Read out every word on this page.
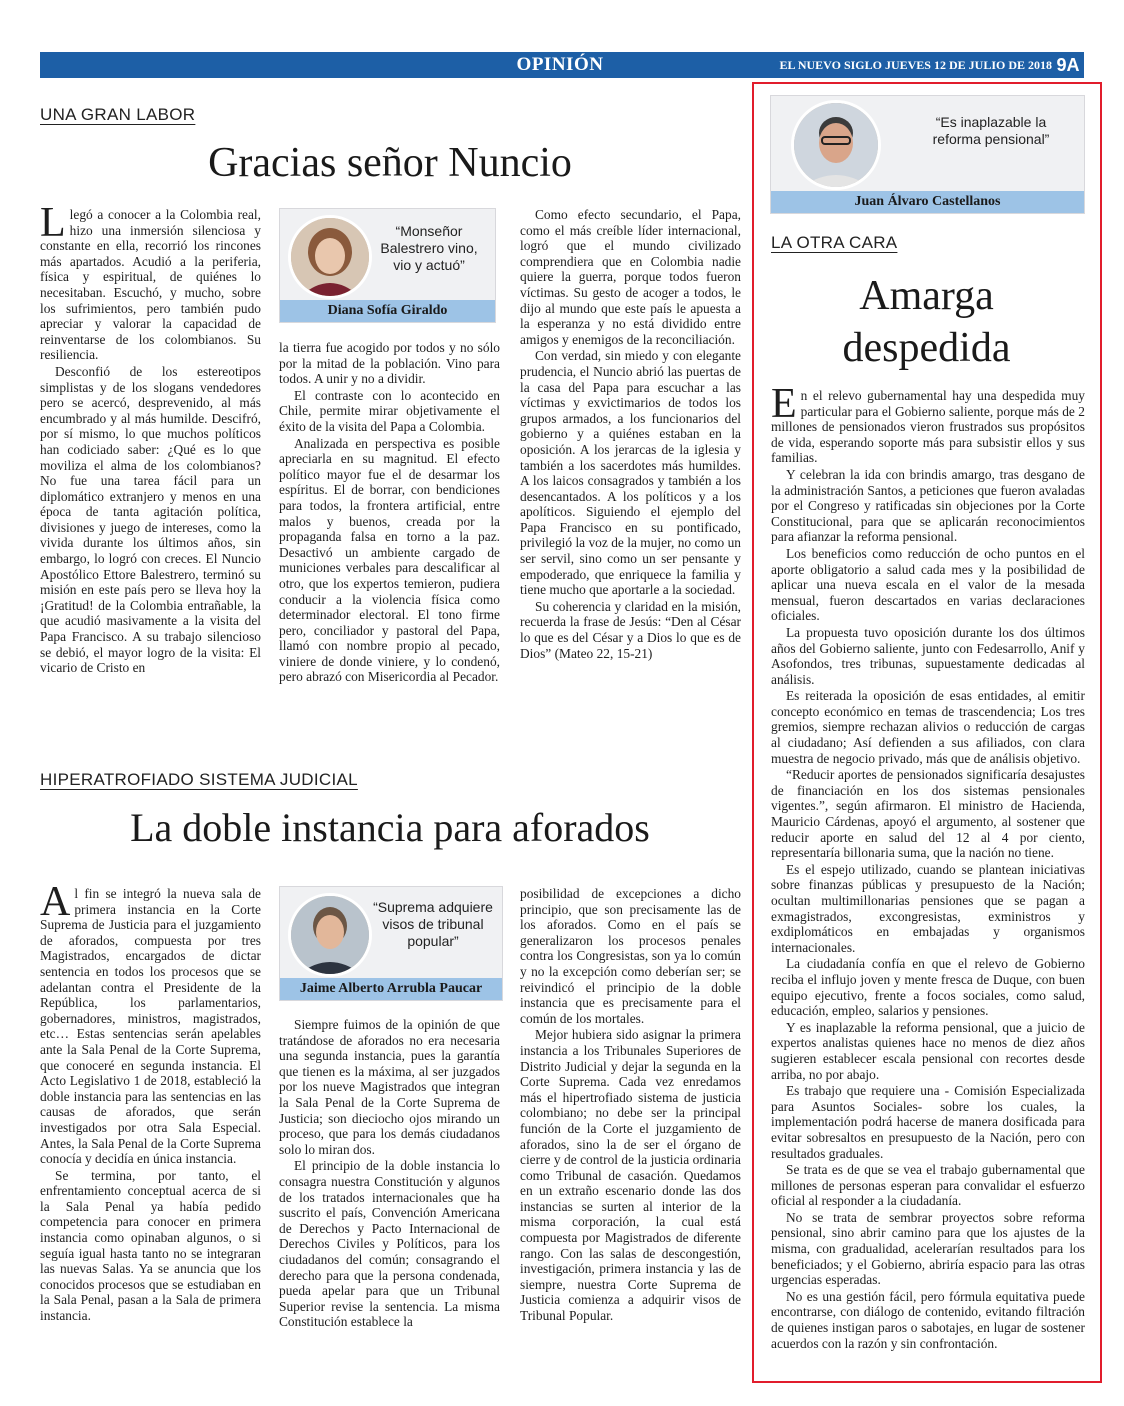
OPINIÓN	EL NUEVO SIGLO JUEVES 12 DE JULIO DE 2018 9A
UNA GRAN LABOR
Gracias señor Nuncio
L legó a conocer a la Colombia real, hizo una inmersión silenciosa y constante en ella, recorrió los rincones más apartados. Acudió a la periferia, física y espiritual, de quiénes lo necesitaban. Escuchó, y mucho, sobre los sufrimientos, pero también pudo apreciar y valorar la capacidad de reinventarse de los colombianos. Su resiliencia.

Desconfió de los estereotipos simplistas y de los slogans vendedores pero se acercó, desprevenido, al más encumbrado y al más humilde. Descifró, por sí mismo, lo que muchos políticos han codiciado saber: ¿Qué es lo que moviliza el alma de los colombianos? No fue una tarea fácil para un diplomático extranjero y menos en una época de tanta agitación política, divisiones y juego de intereses, como la vivida durante los últimos años, sin embargo, lo logró con creces. El Nuncio Apostólico Ettore Balestrero, terminó su misión en este país pero se lleva hoy la ¡Gratitud! de la Colombia entrañable, la que acudió masivamente a la visita del Papa Francisco. A su trabajo silencioso se debió, el mayor logro de la visita: El vicario de Cristo en

“Monseñor Balestrero vino, vio y actuó”
Diana Sofía Giraldo

la tierra fue acogido por todos y no sólo por la mitad de la población. Vino para todos. A unir y no a dividir.

El contraste con lo acontecido en Chile, permite mirar objetivamente el éxito de la visita del Papa a Colombia.

Analizada en perspectiva es posible apreciarla en su magnitud. El efecto político mayor fue el de desarmar los espíritus. El de borrar, con bendiciones para todos, la frontera artificial, entre malos y buenos, creada por la propaganda falsa en torno a la paz. Desactivó un ambiente cargado de municiones verbales para descalificar al otro, que los expertos temieron, pudiera conducir a la violencia física como determinador electoral. El tono firme pero, conciliador y pastoral del Papa, llamó con nombre propio al pecado, viniere de donde viniere, y lo condenó, pero abrazó con Misericordia al Pecador.

Como efecto secundario, el Papa, como el más creíble líder internacional, logró que el mundo civilizado comprendiera que en Colombia nadie quiere la guerra, porque todos fueron víctimas. Su gesto de acoger a todos, le dijo al mundo que este país le apuesta a la esperanza y no está dividido entre amigos y enemigos de la reconciliación.

Con verdad, sin miedo y con elegante prudencia, el Nuncio abrió las puertas de la casa del Papa para escuchar a las víctimas y exvictimarios de todos los grupos armados, a los funcionarios del gobierno y a quiénes estaban en la oposición. A los jerarcas de la iglesia y también a los sacerdotes más humildes. A los laicos consagrados y también a los desencantados. A los políticos y a los apolíticos. Siguiendo el ejemplo del Papa Francisco en su pontificado, privilegió la voz de la mujer, no como un ser servil, sino como un ser pensante y empoderado, que enriquece la familia y tiene mucho que aportarle a la sociedad.

Su coherencia y claridad en la misión, recuerda la frase de Jesús: “Den al César lo que es del César y a Dios lo que es de Dios” (Mateo 22, 15-21)

HIPERATROFIADO SISTEMA JUDICIAL
La doble instancia para aforados
A l fin se integró la nueva sala de primera instancia en la Corte Suprema de Justicia para el juzgamiento de aforados, compuesta por tres Magistrados, encargados de dictar sentencia en todos los procesos que se adelantan contra el Presidente de la República, los parlamentarios, gobernadores, ministros, magistrados, etc… Estas sentencias serán apelables ante la Sala Penal de la Corte Suprema, que conoceré en segunda instancia. El Acto Legislativo 1 de 2018, estableció la doble instancia para las sentencias en las causas de aforados, que serán investigados por otra Sala Especial. Antes, la Sala Penal de la Corte Suprema conocía y decidía en única instancia.

Se termina, por tanto, el enfrentamiento conceptual acerca de si la Sala Penal ya había pedido competencia para conocer en primera instancia como opinaban algunos, o si seguía igual hasta tanto no se integraran las nuevas Salas. Ya se anuncia que los conocidos procesos que se estudiaban en la Sala Penal, pasan a la Sala de primera instancia.

“Suprema adquiere visos de tribunal popular”
Jaime Alberto Arrubla Paucar

Siempre fuimos de la opinión de que tratándose de aforados no era necesaria una segunda instancia, pues la garantía que tienen es la máxima, al ser juzgados por los nueve Magistrados que integran la Sala Penal de la Corte Suprema de Justicia; son dieciocho ojos mirando un proceso, que para los demás ciudadanos solo lo miran dos.

El principio de la doble instancia lo consagra nuestra Constitución y algunos de los tratados internacionales que ha suscrito el país, Convención Americana de Derechos y Pacto Internacional de Derechos Civiles y Políticos, para los ciudadanos del común; consagrando el derecho para que la persona condenada, pueda apelar para que un Tribunal Superior revise la sentencia. La misma Constitución establece la

posibilidad de excepciones a dicho principio, que son precisamente las de los aforados. Como en el país se generalizaron los procesos penales contra los Congresistas, son ya lo común y no la excepción como deberían ser; se reivindicó el principio de la doble instancia que es precisamente para el común de los mortales.

Mejor hubiera sido asignar la primera instancia a los Tribunales Superiores de Distrito Judicial y dejar la segunda en la Corte Suprema. Cada vez enredamos más el hipertrofiado sistema de justicia colombiano; no debe ser la principal función de la Corte el juzgamiento de aforados, sino la de ser el órgano de cierre y de control de la justicia ordinaria como Tribunal de casación. Quedamos en un extraño escenario donde las dos instancias se surten al interior de la misma corporación, la cual está compuesta por Magistrados de diferente rango. Con las salas de descongestión, investigación, primera instancia y las de siempre, nuestra Corte Suprema de Justicia comienza a adquirir visos de Tribunal Popular.

“Es inaplazable la reforma pensional”
Juan Álvaro Castellanos
LA OTRA CARA
Amarga
despedida
E n el relevo gubernamental hay una despedida muy particular para el Gobierno saliente, porque más de 2 millones de pensionados vieron frustrados sus propósitos de vida, esperando soporte más para subsistir ellos y sus familias.

Y celebran la ida con brindis amargo, tras desgano de la administración Santos, a peticiones que fueron avaladas por el Congreso y ratificadas sin objeciones por la Corte Constitucional, para que se aplicarán reconocimientos para afianzar la reforma pensional.

Los beneficios como reducción de ocho puntos en el aporte obligatorio a salud cada mes y la posibilidad de aplicar una nueva escala en el valor de la mesada mensual, fueron descartados en varias declaraciones oficiales.

La propuesta tuvo oposición durante los dos últimos años del Gobierno saliente, junto con Fedesarrollo, Anif y Asofondos, tres tribunas, supuestamente dedicadas al análisis.

Es reiterada la oposición de esas entidades, al emitir concepto económico en temas de trascendencia; Los tres gremios, siempre rechazan alivios o reducción de cargas al ciudadano; Así defienden a sus afiliados, con clara muestra de negocio privado, más que de análisis objetivo.

“Reducir aportes de pensionados significaría desajustes de financiación en los dos sistemas pensionales vigentes.”, según afirmaron. El ministro de Hacienda, Mauricio Cárdenas, apoyó el argumento, al sostener que reducir aporte en salud del 12 al 4 por ciento, representaría billonaria suma, que la nación no tiene.

Es el espejo utilizado, cuando se plantean iniciativas sobre finanzas públicas y presupuesto de la Nación; ocultan multimillonarias pensiones que se pagan a exmagistrados, excongresistas, exministros y exdiplomáticos en embajadas y organismos internacionales.

La ciudadanía confía en que el relevo de Gobierno reciba el influjo joven y mente fresca de Duque, con buen equipo ejecutivo, frente a focos sociales, como salud, educación, empleo, salarios y pensiones.

Y es inaplazable la reforma pensional, que a juicio de expertos analistas quienes hace no menos de diez años sugieren establecer escala pensional con recortes desde arriba, no por abajo.

Es trabajo que requiere una - Comisión Especializada para Asuntos Sociales- sobre los cuales, la implementación podrá hacerse de manera dosificada para evitar sobresaltos en presupuesto de la Nación, pero con resultados graduales.

Se trata es de que se vea el trabajo gubernamental que millones de personas esperan para convalidar el esfuerzo oficial al responder a la ciudadanía.

No se trata de sembrar proyectos sobre reforma pensional, sino abrir camino para que los ajustes de la misma, con gradualidad, acelerarían resultados para los beneficiados; y el Gobierno, abriría espacio para las otras urgencias esperadas.

No es una gestión fácil, pero fórmula equitativa puede encontrarse, con diálogo de contenido, evitando filtración de quienes instigan paros o sabotajes, en lugar de sostener acuerdos con la razón y sin confrontación.
